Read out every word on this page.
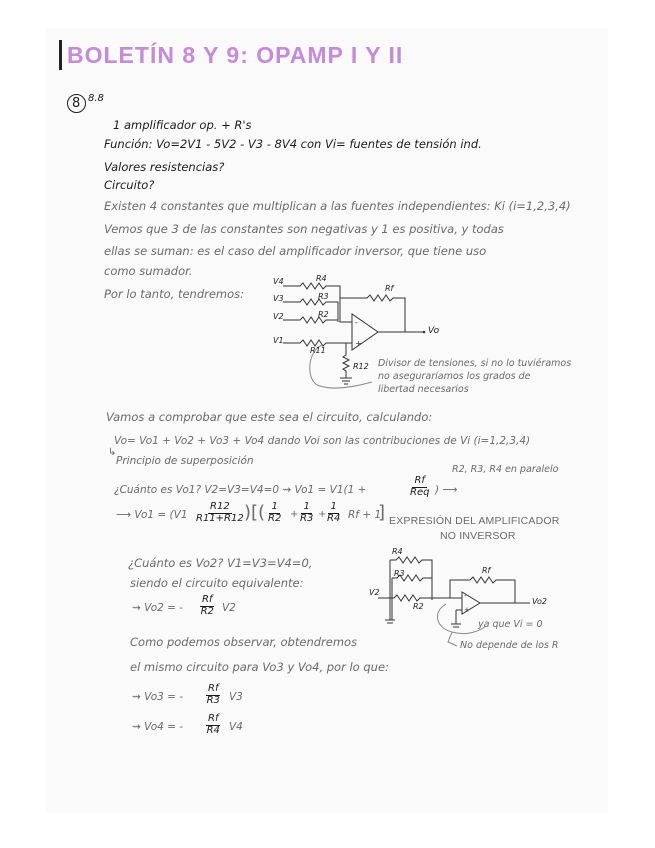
BOLETÍN 8 Y 9: OPAMP I Y II
8 8.8
1 amplificador op. + R's
Función: Vo=2V1 - 5V2 - V3 - 8V4 con Vi= fuentes de tensión ind.
Valores resistencias?
Circuito?
Existen 4 constantes que multiplican a las fuentes independientes: Ki (i=1,2,3,4)
Vemos que 3 de las constantes son negativas y 1 es positiva, y todas
ellas se suman: es el caso del amplificador inversor, que tiene uso
como sumador.
Por lo tanto, tendremos:
-
+
V4
V3
V2
V1
R4
R3
R2
R11
R12
Rf
Vo
Divisor de tensiones, si no lo tuviéramos
no aseguraríamos los grados de
libertad necesarios
Vamos a comprobar que este sea el circuito, calculando:
Vo= Vo1 + Vo2 + Vo3 + Vo4 dando Voi son las contribuciones de Vi (i=1,2,3,4)
Principio de superposición
↳
¿Cuánto es Vo1? V2=V3=V4=0 ⇝ Vo1 = V1(1 +
Rf
Req ) ⟶
R2, R3, R4 en paralelo
⟶ $Vo1 = (V1 \frac{R12}{R11+R12}$ )[( $\frac{1}{R2} + \frac{1}{R3} + \frac{1}{R4}$ Rf + 1
] EXPRESIÓN DEL AMPLIFICADOR
NO INVERSOR
¿Cuánto es Vo2? V1=V3=V4=0,
siendo el circuito equivalente:
⇝ Vo2 = - $\frac{Rf}{R2} V2$
-
+
R4
R3	Rf
V2
R2
Vo2
ya que Vi = 0
No depende de los R
Como podemos observar, obtendremos
el mismo circuito para Vo3 y Vo4, por lo que:
⇝ Vo3 = - $\frac{Rf}{R3} V3$
⇝ Vo4 = - $\frac{Rf}{R4} V4$
